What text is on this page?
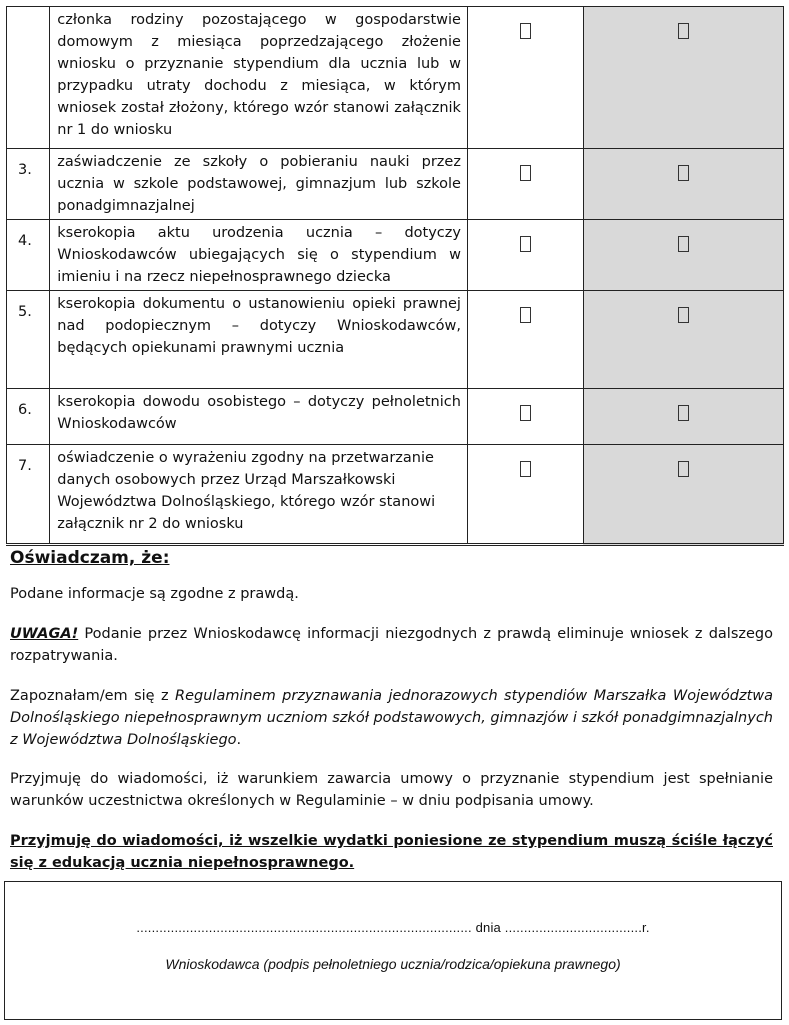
	członka rodziny pozostającego w gospodarstwie domowym z miesiąca poprzedzającego złożenie wniosku o przyznanie stypendium dla ucznia lub w przypadku utraty dochodu z miesiąca, w którym wniosek został złożony, którego wzór stanowi załącznik nr 1 do wniosku		
3.	zaświadczenie ze szkoły o pobieraniu nauki przez ucznia w szkole podstawowej, gimnazjum lub szkole ponadgimnazjalnej		
4.	kserokopia aktu urodzenia ucznia – dotyczy Wnioskodawców ubiegających się o stypendium w imieniu i na rzecz niepełnosprawnego dziecka		
5.	kserokopia dokumentu o ustanowieniu opieki prawnej nad podopiecznym – dotyczy Wnioskodawców, będących opiekunami prawnymi ucznia		
6.	kserokopia dowodu osobistego – dotyczy pełnoletnich Wnioskodawców		
7.	oświadczenie o wyrażeniu zgodny na przetwarzanie danych osobowych przez Urząd Marszałkowski Województwa Dolnośląskiego, którego wzór stanowi załącznik nr 2 do wniosku		
Oświadczam, że:

Podane informacje są zgodne z prawdą.

UWAGA! Podanie przez Wnioskodawcę informacji niezgodnych z prawdą eliminuje wniosek z dalszego rozpatrywania.

Zapoznałam/em się z Regulaminem przyznawania jednorazowych stypendiów Marszałka Województwa Dolnośląskiego niepełnosprawnym uczniom szkół podstawowych, gimnazjów i szkół ponadgimnazjalnych z Województwa Dolnośląskiego.

Przyjmuję do wiadomości, iż warunkiem zawarcia umowy o przyznanie stypendium jest spełnianie warunków uczestnictwa określonych w Regulaminie – w dniu podpisania umowy.

Przyjmuję do wiadomości, iż wszelkie wydatki poniesione ze stypendium muszą ściśle łączyć się z edukacją ucznia niepełnosprawnego.

........................................................................................ dnia ....................................r.
Wnioskodawca (podpis pełnoletniego ucznia/rodzica/opiekuna prawnego)
